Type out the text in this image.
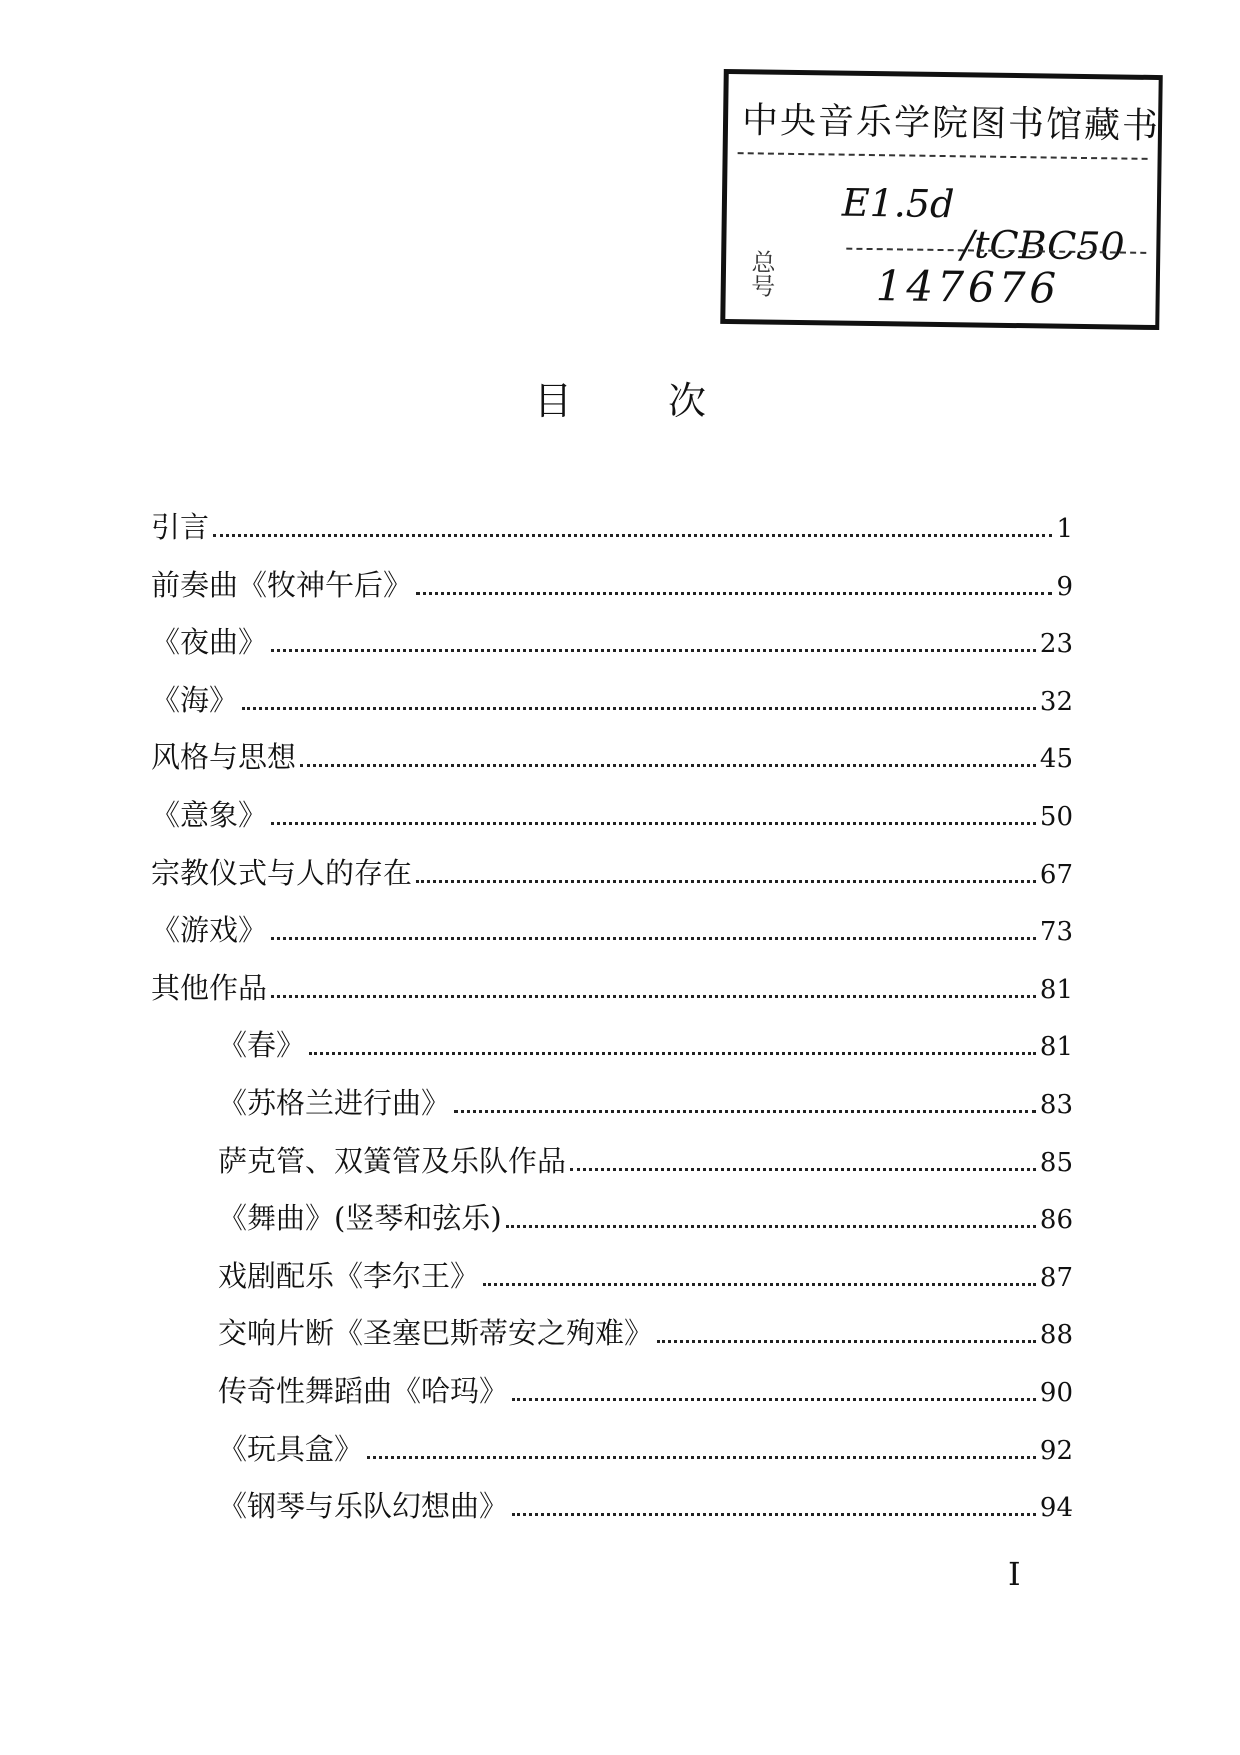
中央音乐学院图书馆藏书
E1.5d
/tCBC50
总号 147676
目	次
引言	1
前奏曲《牧神午后》	9
《夜曲》	23
《海》	32
风格与思想	45
《意象》	50
宗教仪式与人的存在	67
《游戏》	73
其他作品	81
《春》	81
《苏格兰进行曲》	83
萨克管、双簧管及乐队作品	85
《舞曲》(竖琴和弦乐)	86
戏剧配乐《李尔王》	87
交响片断《圣塞巴斯蒂安之殉难》	88
传奇性舞蹈曲《哈玛》	90
《玩具盒》	92
《钢琴与乐队幻想曲》	94
I
